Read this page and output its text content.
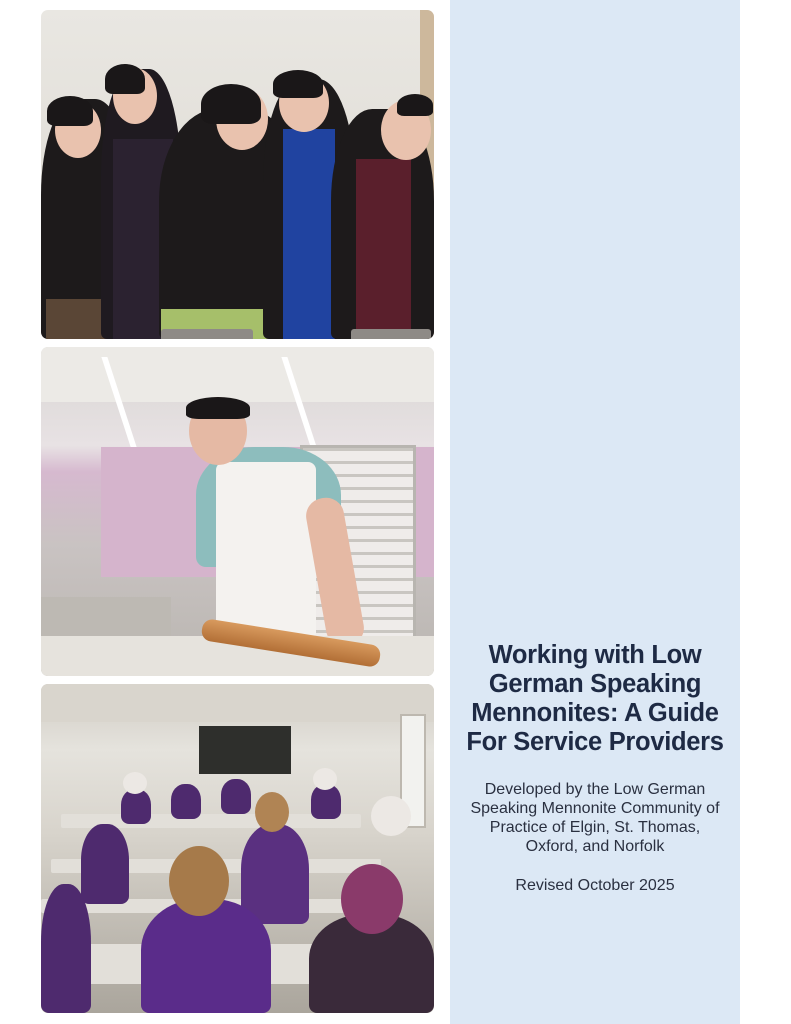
Working with Low
German Speaking
Mennonites: A Guide
For Service Providers

Developed by the Low German
Speaking Mennonite Community of
Practice of Elgin, St. Thomas,
Oxford, and Norfolk

Revised October 2025
